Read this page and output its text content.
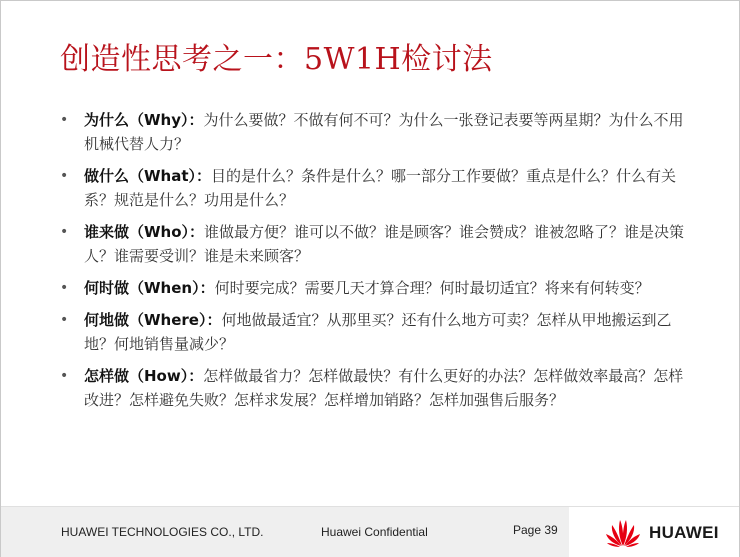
创造性思考之一：5W1H检讨法
• 为什么（Why）：为什么要做？不做有何不可？为什么一张登记表要等两星期？为什么不用机械代替人力？
• 做什么（What）：目的是什么？条件是什么？哪一部分工作要做？重点是什么？什么有关系？规范是什么？功用是什么？
• 谁来做（Who）：谁做最方便？谁可以不做？谁是顾客？谁会赞成？谁被忽略了？谁是决策人？谁需要受训？谁是未来顾客？
• 何时做（When）：何时要完成？需要几天才算合理？何时最切适宜？将来有何转变？
• 何地做（Where）：何地做最适宜？从那里买？还有什么地方可卖？怎样从甲地搬运到乙地？何地销售量减少？
• 怎样做（How）：怎样做最省力？怎样做最快？有什么更好的办法？怎样做效率最高？怎样改进？怎样避免失败？怎样求发展？怎样增加销路？怎样加强售后服务？
HUAWEI TECHNOLOGIES CO., LTD.	Huawei Confidential	Page 39	HUAWEI
